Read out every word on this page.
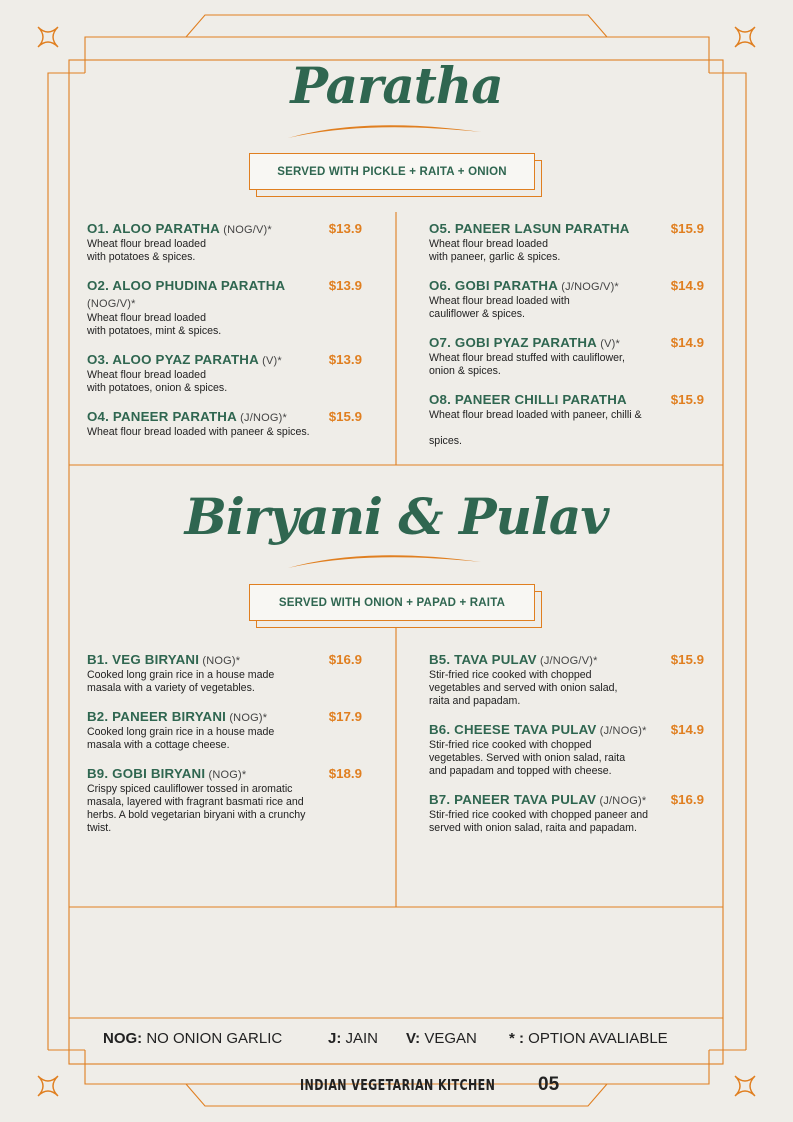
Paratha
SERVED WITH PICKLE + RAITA + ONION
O1. ALOO PARATHA (NOG/V)*	$13.9
Wheat flour bread loaded
with potatoes & spices.
O2. ALOO PHUDINA PARATHA (NOG/V)*
$13.9
Wheat flour bread loaded
with potatoes, mint & spices.
O3. ALOO PYAZ PARATHA (V)*	$13.9
Wheat flour bread loaded
with potatoes, onion & spices.
O4. PANEER PARATHA (J/NOG)*	$15.9
Wheat flour bread loaded with paneer & spices.
O5. PANEER LASUN PARATHA	$15.9
Wheat flour bread loaded
with paneer, garlic & spices.
O6. GOBI PARATHA (J/NOG/V)*	$14.9
Wheat flour bread loaded with
cauliflower & spices.
O7. GOBI PYAZ PARATHA (V)*	$14.9
Wheat flour bread stuffed with cauliflower,
onion & spices.
O8. PANEER CHILLI PARATHA	$15.9
Wheat flour bread loaded with paneer, chilli &

spices.
Biryani & Pulav
SERVED WITH ONION + PAPAD + RAITA
B1. VEG BIRYANI (NOG)*	$16.9
Cooked long grain rice in a house made
masala with a variety of vegetables.
B2. PANEER BIRYANI (NOG)*	$17.9
Cooked long grain rice in a house made
masala with a cottage cheese.
B9. GOBI BIRYANI (NOG)*	$18.9
Crispy spiced cauliflower tossed in aromatic
masala, layered with fragrant basmati rice and
herbs. A bold vegetarian biryani with a crunchy
twist.
B5. TAVA PULAV (J/NOG/V)*	$15.9
Stir-fried rice cooked with chopped
vegetables and served with onion salad,
raita and papadam.
B6. CHEESE TAVA PULAV (J/NOG)* $14.9
Stir-fried rice cooked with chopped
vegetables. Served with onion salad, raita
and papadam and topped with cheese.
B7. PANEER TAVA PULAV (J/NOG)* $16.9
Stir-fried rice cooked with chopped paneer and
served with onion salad, raita and papadam.
NOG: NO ONION GARLIC	J: JAIN V: VEGAN * : OPTION AVALIABLE
INDIAN VEGETARIAN KITCHEN 05
